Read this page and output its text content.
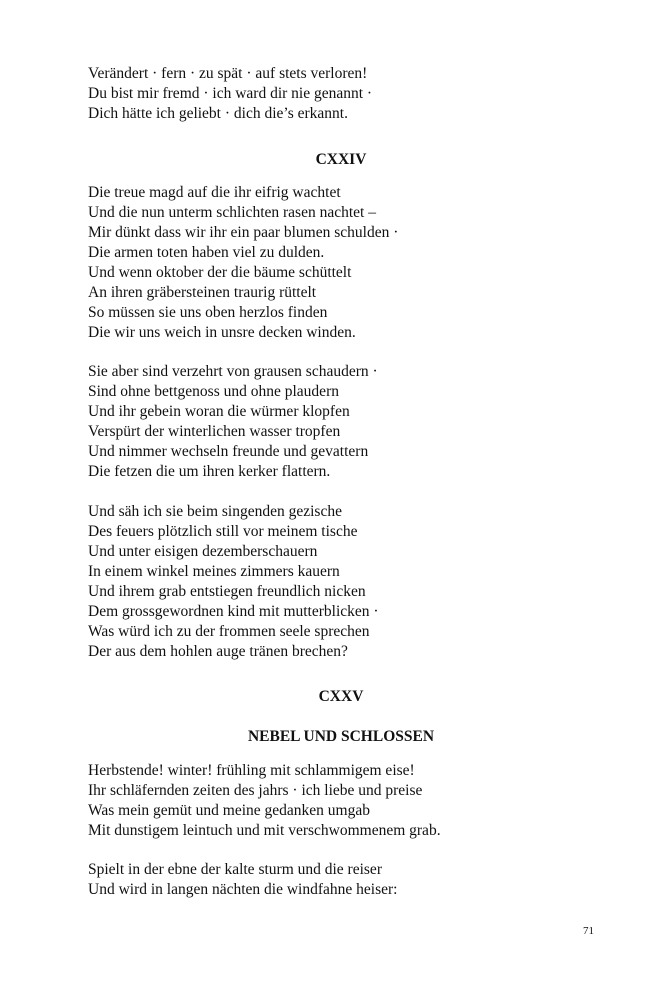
Verändert · fern · zu spät · auf stets verloren!
Du bist mir fremd · ich ward dir nie genannt ·
Dich hätte ich geliebt · dich die’s erkannt.
CXXIV
Die treue magd auf die ihr eifrig wachtet
Und die nun unterm schlichten rasen nachtet –
Mir dünkt dass wir ihr ein paar blumen schulden ·
Die armen toten haben viel zu dulden.
Und wenn oktober der die bäume schüttelt
An ihren gräbersteinen traurig rüttelt
So müssen sie uns oben herzlos finden
Die wir uns weich in unsre decken winden.
Sie aber sind verzehrt von grausen schaudern ·
Sind ohne bettgenoss und ohne plaudern
Und ihr gebein woran die würmer klopfen
Verspürt der winterlichen wasser tropfen
Und nimmer wechseln freunde und gevattern
Die fetzen die um ihren kerker flattern.
Und säh ich sie beim singenden gezische
Des feuers plötzlich still vor meinem tische
Und unter eisigen dezemberschauern
In einem winkel meines zimmers kauern
Und ihrem grab entstiegen freundlich nicken
Dem grossgewordnen kind mit mutterblicken ·
Was würd ich zu der frommen seele sprechen
Der aus dem hohlen auge tränen brechen?
CXXV
NEBEL UND SCHLOSSEN
Herbstende! winter! frühling mit schlammigem eise!
Ihr schläfernden zeiten des jahrs · ich liebe und preise
Was mein gemüt und meine gedanken umgab
Mit dunstigem leintuch und mit verschwommenem grab.
Spielt in der ebne der kalte sturm und die reiser
Und wird in langen nächten die windfahne heiser:
71
